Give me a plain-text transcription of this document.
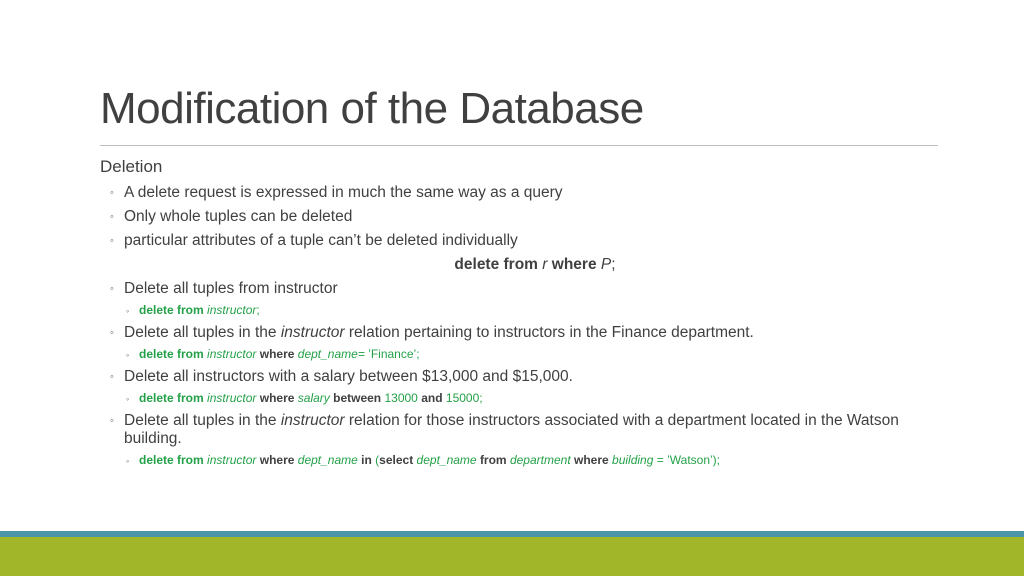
Modification of the Database
Deletion
◦ A delete request is expressed in much the same way as a query
◦ Only whole tuples can be deleted
◦ particular attributes of a tuple can’t be deleted individually
delete from r where P;
◦ Delete all tuples from instructor
◦ delete from instructor;
◦ Delete all tuples in the instructor relation pertaining to instructors in the Finance department.
◦ delete from instructor where dept_name= ’Finance’;
◦ Delete all instructors with a salary between $13,000 and $15,000.
◦ delete from instructor where salary between 13000 and 15000;
◦ Delete all tuples in the instructor relation for those instructors associated with a department located in the Watson building.
◦ delete from instructor where dept_name in (select dept_name from department where building = ’Watson’);
